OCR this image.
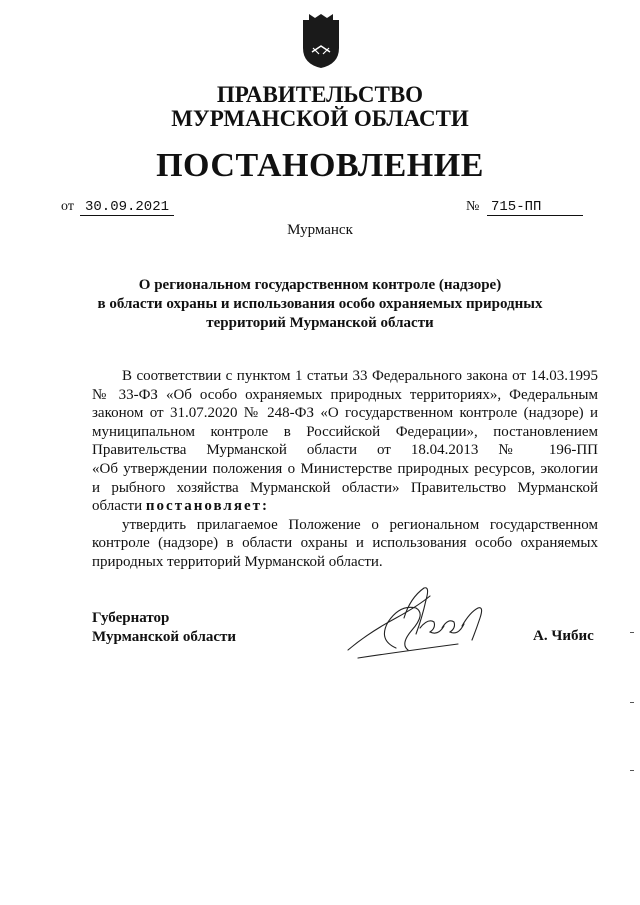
ПРАВИТЕЛЬСТВО
МУРМАНСКОЙ ОБЛАСТИ
ПОСТАНОВЛЕНИЕ
от 30.09.2021	№ 715-ПП
Мурманск
О региональном государственном контроле (надзоре)
в области охраны и использования особо охраняемых природных
территорий Мурманской области
В соответствии с пунктом 1 статьи 33 Федерального закона от 14.03.1995
№ 33-ФЗ «Об особо охраняемых природных территориях», Федеральным
законом от 31.07.2020 № 248-ФЗ «О государственном контроле (надзоре) и
муниципальном контроле в Российской Федерации», постановлением
Правительства Мурманской области от 18.04.2013 № 196-ПП
«Об утверждении положения о Министерстве природных ресурсов, экологии
и рыбного хозяйства Мурманской области» Правительство Мурманской
области постановляет:
утвердить прилагаемое Положение о региональном государственном
контроле (надзоре) в области охраны и использования особо охраняемых
природных территорий Мурманской области.
Губернатор
Мурманской области	А. Чибис
